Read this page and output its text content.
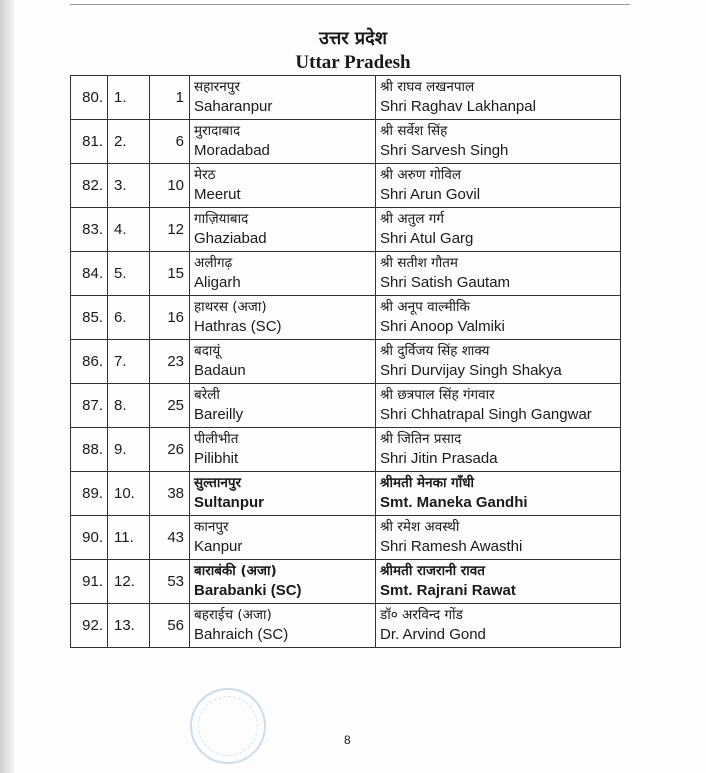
उत्तर प्रदेश
Uttar Pradesh
80.	1.	1	सहारनपुर
Saharanpur	श्री राघव लखनपाल
Shri Raghav Lakhanpal

81.	2.	6	मुरादाबाद
Moradabad	श्री सर्वेश सिंह
Shri Sarvesh Singh

82.	3.	10	मेरठ
Meerut	श्री अरुण गोविल
Shri Arun Govil

83.	4.	12	गाज़ियाबाद
Ghaziabad	श्री अतुल गर्ग
Shri Atul Garg

84.	5.	15	अलीगढ़
Aligarh	श्री सतीश गौतम
Shri Satish Gautam

85.	6.	16	हाथरस (अजा)
Hathras (SC)	श्री अनूप वाल्मीकि
Shri Anoop Valmiki

86.	7.	23	बदायूं
Badaun	श्री दुर्विजय सिंह शाक्य
Shri Durvijay Singh Shakya

87.	8.	25	बरेली
Bareilly	श्री छत्रपाल सिंह गंगवार
Shri Chhatrapal Singh Gangwar

88.	9.	26	पीलीभीत
Pilibhit	श्री जितिन प्रसाद
Shri Jitin Prasada

89.	10.	38	सुल्तानपुर
Sultanpur	श्रीमती मेनका गाँधी
Smt. Maneka Gandhi

90.	11.	43	कानपुर
Kanpur	श्री रमेश अवस्थी
Shri Ramesh Awasthi

91.	12.	53	बाराबंकी (अजा)
Barabanki (SC)	श्रीमती राजरानी रावत
Smt. Rajrani Rawat

92.	13.	56	बहराईच (अजा)
Bahraich (SC)	डॉ० अरविन्द गोंड
Dr. Arvind Gond
8
